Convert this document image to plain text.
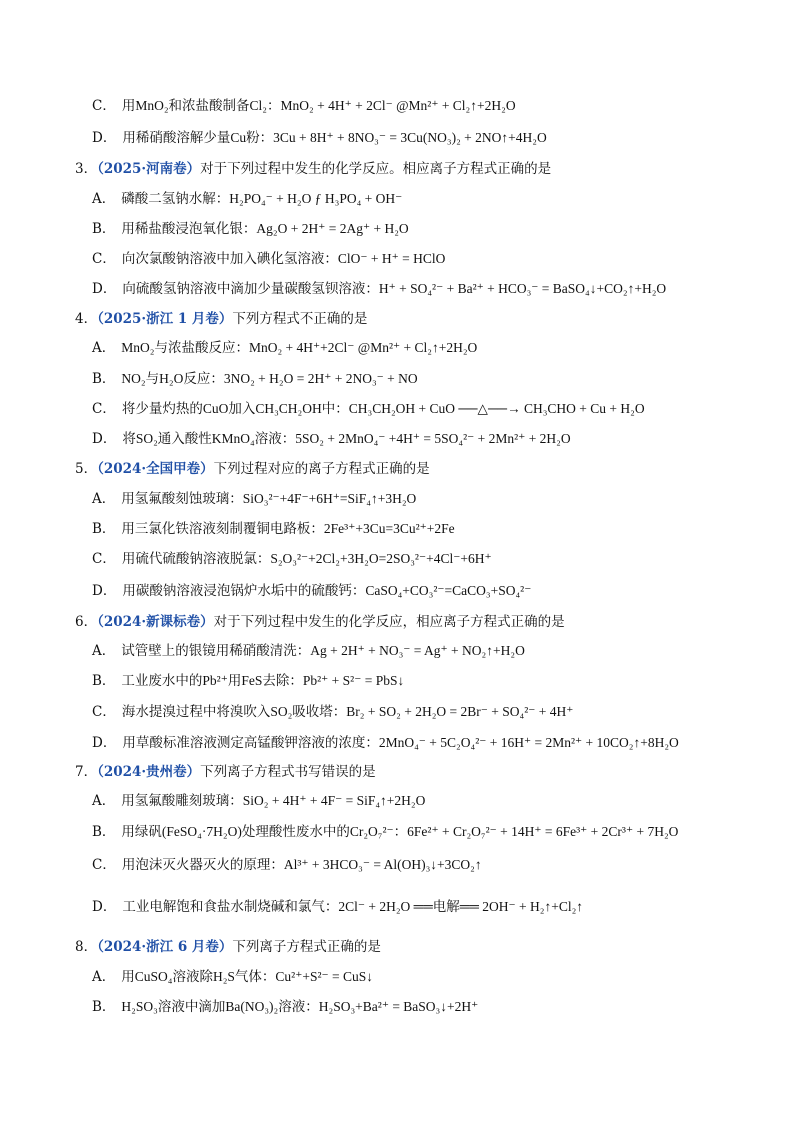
C． 用MnO₂和浓盐酸制备Cl₂：MnO₂ + 4H⁺ + 2Cl⁻ @Mn²⁺ + Cl₂↑+2H₂O
D． 用稀硝酸溶解少量Cu粉：3Cu + 8H⁺ + 8NO₃⁻ = 3Cu(NO₃)₂ + 2NO↑+4H₂O
3．（2025·河南卷）对于下列过程中发生的化学反应。相应离子方程式正确的是
A． 磷酸二氢钠水解：H₂PO₄⁻ + H₂O ƒ H₃PO₄ + OH⁻
B． 用稀盐酸浸泡氧化银：Ag₂O + 2H⁺ = 2Ag⁺ + H₂O
C． 向次氯酸钠溶液中加入碘化氢溶液：ClO⁻ + H⁺ = HClO
D． 向硫酸氢钠溶液中滴加少量碳酸氢钡溶液：H⁺ + SO₄²⁻ + Ba²⁺ + HCO₃⁻ = BaSO₄↓+CO₂↑+H₂O
4．（2025·浙江 1 月卷）下列方程式不正确的是
A． MnO₂与浓盐酸反应：MnO₂ + 4H⁺+2Cl⁻ @Mn²⁺ + Cl₂↑+2H₂O
B． NO₂与H₂O反应：3NO₂ + H₂O = 2H⁺ + 2NO₃⁻ + NO
C． 将少量灼热的CuO加入CH₃CH₂OH中：CH₃CH₂OH + CuO ──△──→ CH₃CHO + Cu + H₂O
D． 将SO₂通入酸性KMnO₄溶液：5SO₂ + 2MnO₄⁻ +4H⁺ = 5SO₄²⁻ + 2Mn²⁺ + 2H₂O
5．（2024·全国甲卷）下列过程对应的离子方程式正确的是
A． 用氢氟酸刻蚀玻璃：SiO₃²⁻+4F⁻+6H⁺=SiF₄↑+3H₂O
B． 用三氯化铁溶液刻制覆铜电路板：2Fe³⁺+3Cu=3Cu²⁺+2Fe
C． 用硫代硫酸钠溶液脱氯：S₂O₃²⁻+2Cl₂+3H₂O=2SO₃²⁻+4Cl⁻+6H⁺
D． 用碳酸钠溶液浸泡锅炉水垢中的硫酸钙：CaSO₄+CO₃²⁻=CaCO₃+SO₄²⁻
6．（2024·新课标卷）对于下列过程中发生的化学反应，相应离子方程式正确的是
A． 试管壁上的银镜用稀硝酸清洗：Ag + 2H⁺ + NO₃⁻ = Ag⁺ + NO₂↑+H₂O
B． 工业废水中的Pb²⁺用FeS去除：Pb²⁺ + S²⁻ = PbS↓
C． 海水提溴过程中将溴吹入SO₂吸收塔：Br₂ + SO₂ + 2H₂O = 2Br⁻ + SO₄²⁻ + 4H⁺
D． 用草酸标准溶液测定高锰酸钾溶液的浓度：2MnO₄⁻ + 5C₂O₄²⁻ + 16H⁺ = 2Mn²⁺ + 10CO₂↑+8H₂O
7．（2024·贵州卷）下列离子方程式书写错误的是
A． 用氢氟酸雕刻玻璃：SiO₂ + 4H⁺ + 4F⁻ = SiF₄↑+2H₂O
B． 用绿矾(FeSO₄·7H₂O)处理酸性废水中的Cr₂O₇²⁻：6Fe²⁺ + Cr₂O₇²⁻ + 14H⁺ = 6Fe³⁺ + 2Cr³⁺ + 7H₂O
C． 用泡沫灭火器灭火的原理：Al³⁺ + 3HCO₃⁻ = Al(OH)₃↓+3CO₂↑
D． 工业电解饱和食盐水制烧碱和氯气：2Cl⁻ + 2H₂O ══电解══ 2OH⁻ + H₂↑+Cl₂↑
8．（2024·浙江 6 月卷）下列离子方程式正确的是
A． 用CuSO₄溶液除H₂S气体：Cu²⁺+S²⁻ = CuS↓
B． H₂SO₃溶液中滴加Ba(NO₃)₂溶液：H₂SO₃+Ba²⁺ = BaSO₃↓+2H⁺
